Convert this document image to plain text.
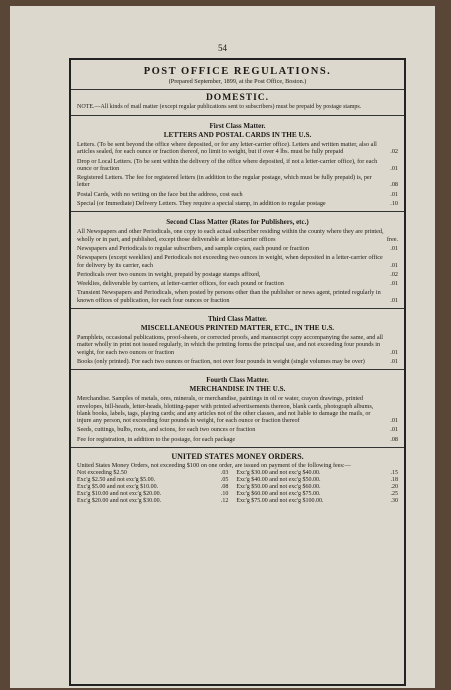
54
POST OFFICE REGULATIONS.
(Prepared September, 1899, at the Post Office, Boston.)
DOMESTIC.
NOTE.—All kinds of mail matter (except regular publications sent to subscribers) must be prepaid by postage stamps.
First Class Matter.
LETTERS AND POSTAL CARDS IN THE U.S.
Letters. (To be sent beyond the office where deposited, or for any letter-carrier office). Letters and written matter, also all articles sealed, for each ounce or fraction thereof, no limit to weight, but if over 4 lbs. must be fully prepaid	.02
Drop or Local Letters. (To be sent within the delivery of the office where deposited, if not a letter-carrier office), for each ounce or fraction	.01
Registered Letters. The fee for registered letters (in addition to the regular postage, which must be fully prepaid) is, per letter	.08
Postal Cards, with no writing on the face but the address, cost each	.01
Special (or Immediate) Delivery Letters. They require a special stamp, in addition to regular postage	.10
Second Class Matter (Rates for Publishers, etc.)
All Newspapers and other Periodicals, one copy to each actual subscriber residing within the county where they are printed, wholly or in part, and published, except those deliverable at letter-carrier offices	free.
Newspapers and Periodicals to regular subscribers, and sample copies, each pound or fraction	.01
Newspapers (except weeklies) and Periodicals not exceeding two ounces in weight, when deposited in a letter-carrier office for delivery by its carrier, each	.01
Periodicals over two ounces in weight, prepaid by postage stamps affixed,	.02
Weeklies, deliverable by carriers, at letter-carrier offices, for each pound or fraction	.01
Transient Newspapers and Periodicals, when posted by persons other than the publisher or news agent, printed regularly in known offices of publication, for each four ounces or fraction	.01
Third Class Matter.
MISCELLANEOUS PRINTED MATTER, ETC., IN THE U.S.
Pamphlets, occasional publications, proof-sheets, or corrected proofs, and manuscript copy accompanying the same, and all matter wholly in print not issued regularly, in which the printing forms the principal use, and not exceeding four pounds in weight, for each two ounces or fraction	.01
Books (only printed). For each two ounces or fraction, not over four pounds in weight (single volumes may be over)	.01
Fourth Class Matter.
MERCHANDISE IN THE U.S.
Merchandise. Samples of metals, ores, minerals, or merchandise, paintings in oil or water, crayon drawings, printed envelopes, bill-heads, letter-heads, blotting-paper with printed advertisements thereon, blank cards, photograph albums, blank books, labels, tags, playing cards; and any articles not of the other classes, and not liable to damage the mails, or injure any person, not exceeding four pounds in weight, for each ounce or fraction thereof	.01
Seeds, cuttings, bulbs, roots, and scions, for each two ounces or fraction	.01
Fee for registration, in addition to the postage, for each package	.08
UNITED STATES MONEY ORDERS.
United States Money Orders, not exceeding $100 on one order, are issued on payment of the following fees:—
Not exceeding $2.50	.03	Exc'g $30.00 and not exc'g $40.00.	.15
Exc'g $2.50 and not exc'g $5.00.	.05	Exc'g $40.00 and not exc'g $50.00.	.18
Exc'g $5.00 and not exc'g $10.00.	.08	Exc'g $50.00 and not exc'g $60.00.	.20
Exc'g $10.00 and not exc'g $20.00.	.10	Exc'g $60.00 and not exc'g $75.00.	.25
Exc'g $20.00 and not exc'g $30.00.	.12	Exc'g $75.00 and not exc'g $100.00.	.30
